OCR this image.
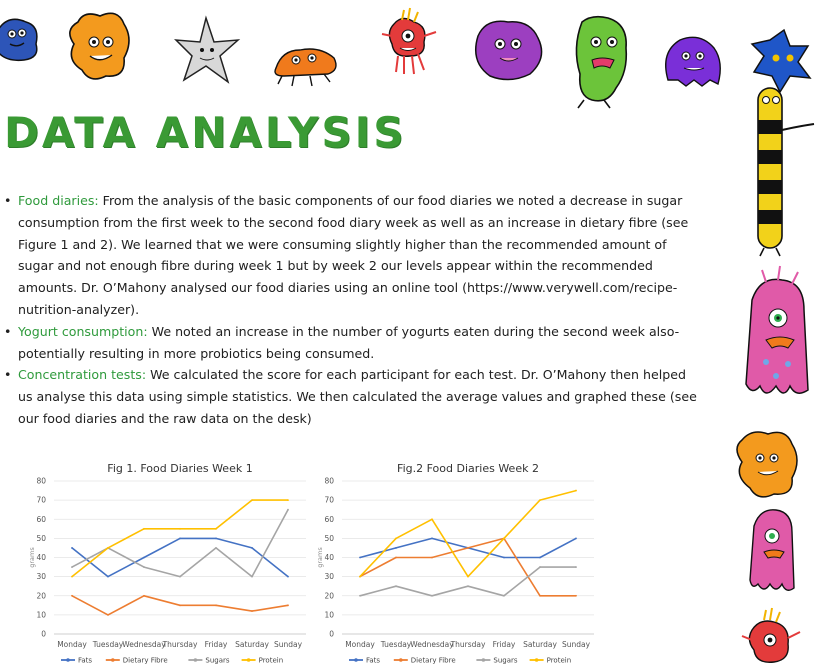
DATA ANALYSIS
• Food diaries: From the analysis of the basic components of our food diaries we noted a decrease in sugar consumption from the first week to the second food diary week as well as an increase in dietary fibre (see Figure 1 and 2). We learned that we were consuming slightly higher than the recommended amount of sugar and not enough fibre during week 1 but by week 2 our levels appear within the recommended amounts. Dr. O’Mahony analysed our food diaries using an online tool (https://www.verywell.com/recipe-nutrition-analyzer).
• Yogurt consumption: We noted an increase in the number of yogurts eaten during the second week also-potentially resulting in more probiotics being consumed.
• Concentration tests: We calculated the score for each participant for each test. Dr. O’Mahony then helped us analyse this data using simple statistics. We then calculated the average values and graphed these (see our food diaries and the raw data on the desk)
Fig 1. Food Diaries Week 1
0
10
20
30
40
50
60
70
80
grams
Monday Tuesday Wednesday
Thursday Friday Saturday Sunday
Fats	Dietary Fibre	Sugars	Protein
Fig.2 Food Diaries Week 2
0
10
20
30
40
50
60
70
80
grams
Monday Tuesday Wednesday
Thursday Friday Saturday Sunday
Fats	Dietary Fibre	Sugars	Protein
